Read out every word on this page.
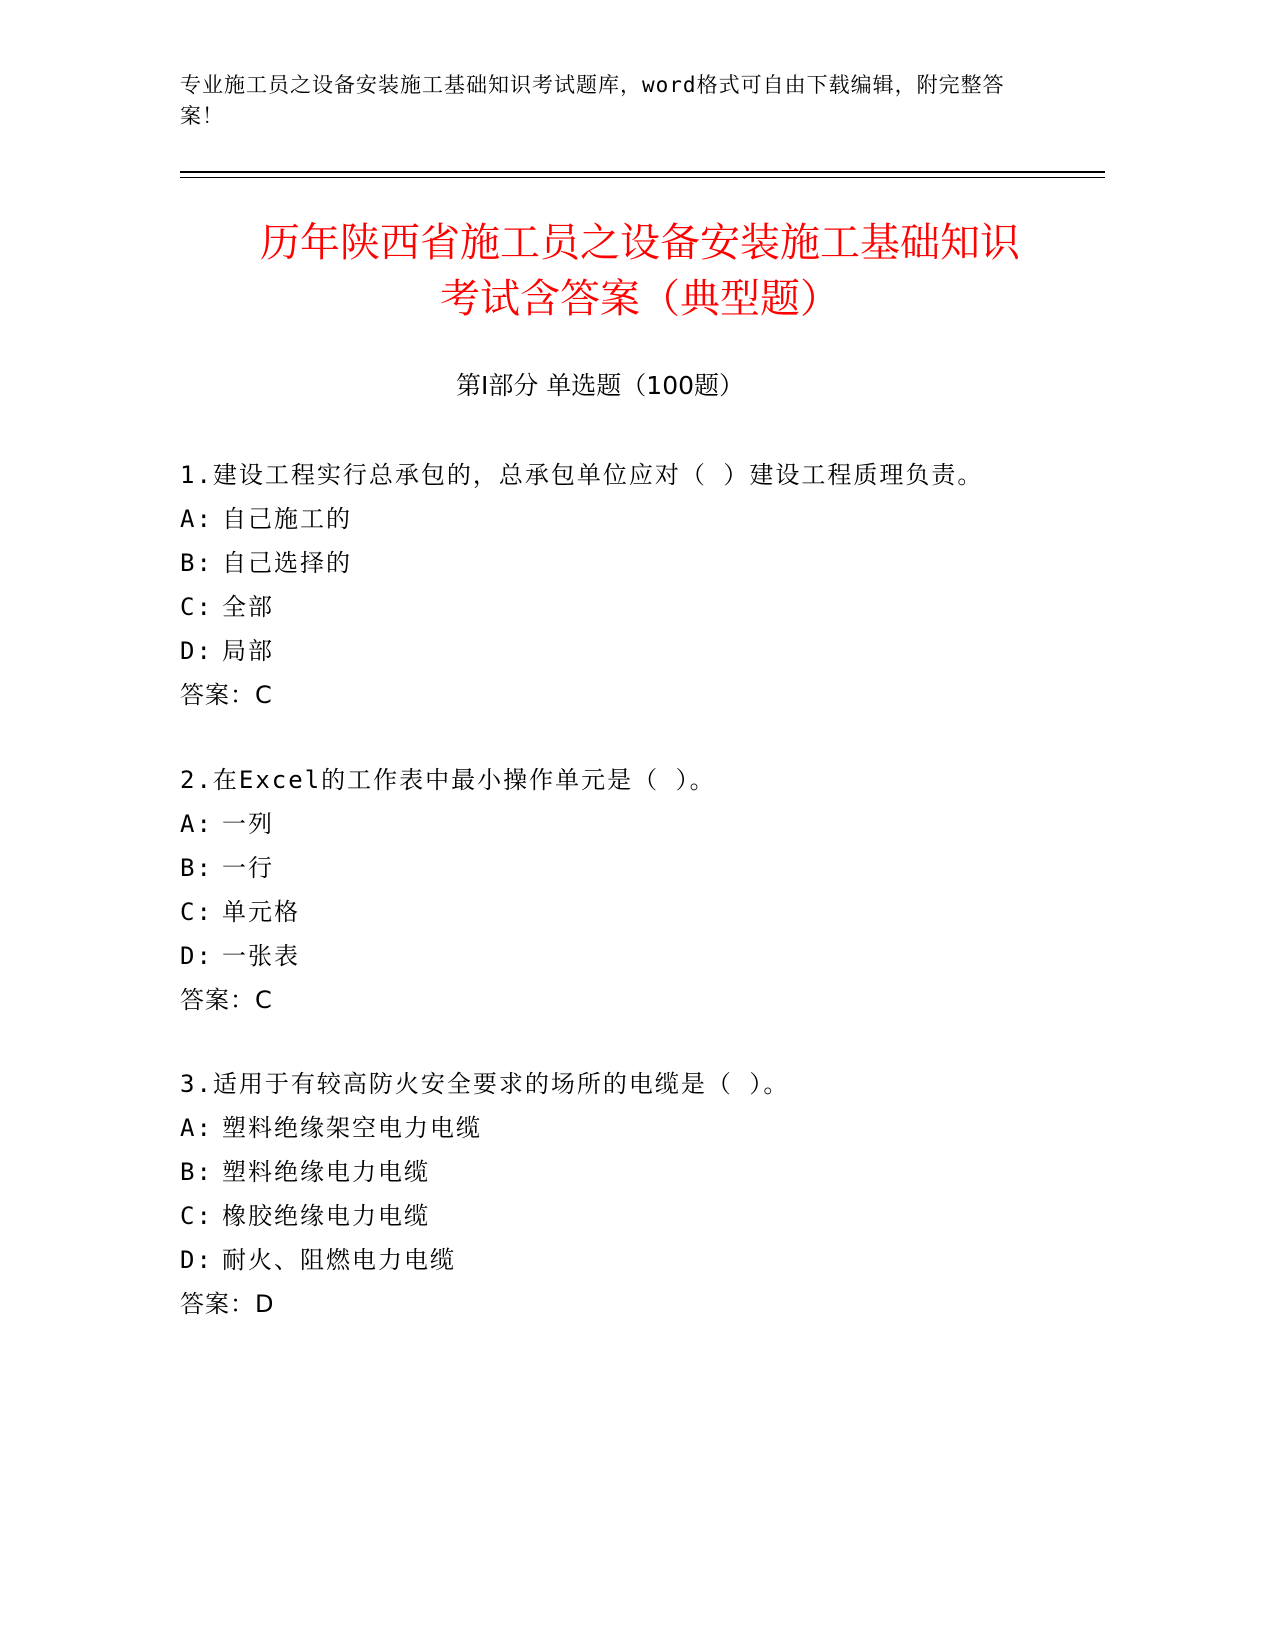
专业施工员之设备安装施工基础知识考试题库，word格式可自由下载编辑，附完整答案！
历年陕西省施工员之设备安装施工基础知识
考试含答案（典型题）
第Ⅰ部分 单选题（100题）
1.建设工程实行总承包的，总承包单位应对（ ）建设工程质理负责。
A: 自己施工的
B: 自己选择的
C: 全部
D: 局部
答案：C
2.在Excel的工作表中最小操作单元是（ ）。
A: 一列
B: 一行
C: 单元格
D: 一张表
答案：C
3.适用于有较高防火安全要求的场所的电缆是（ ）。
A: 塑料绝缘架空电力电缆
B: 塑料绝缘电力电缆
C: 橡胶绝缘电力电缆
D: 耐火、阻燃电力电缆
答案：D
